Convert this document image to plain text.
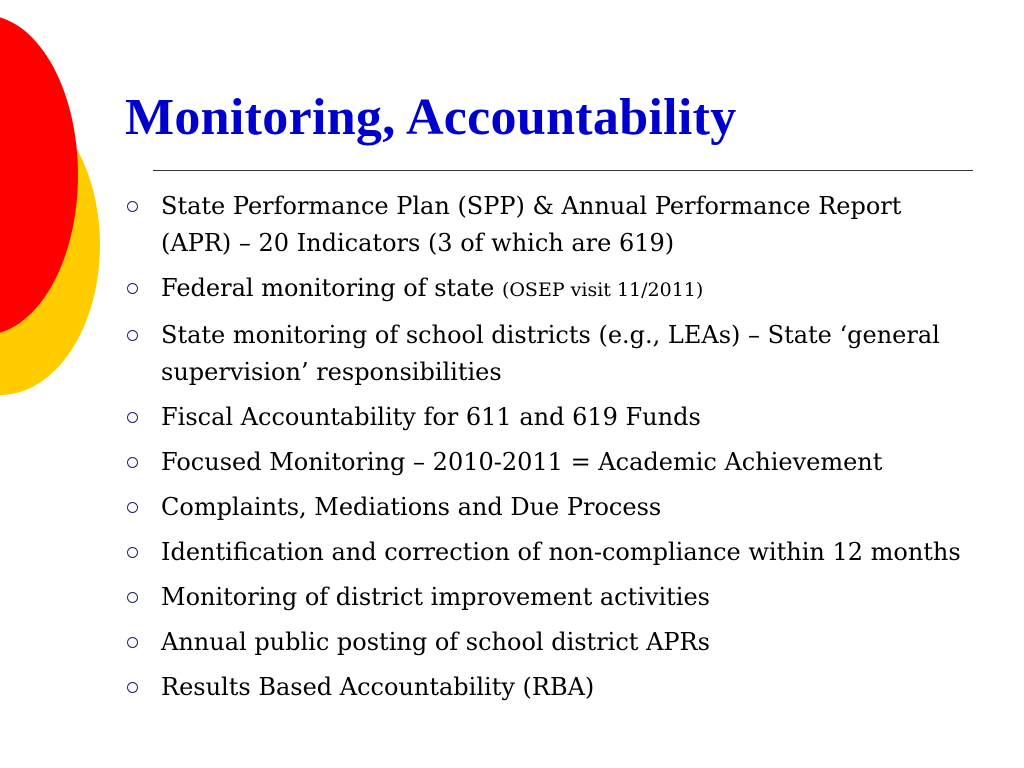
Monitoring, Accountability
State Performance Plan (SPP) & Annual Performance Report (APR) – 20 Indicators (3 of which are 619)
Federal monitoring of state (OSEP visit 11/2011)
State monitoring of school districts (e.g., LEAs) – State ‘general supervision’ responsibilities
Fiscal Accountability for 611 and 619 Funds
Focused Monitoring – 2010-2011 = Academic Achievement
Complaints, Mediations and Due Process
Identification and correction of non-compliance within 12 months
Monitoring of district improvement activities
Annual public posting of school district APRs
Results Based Accountability (RBA)
